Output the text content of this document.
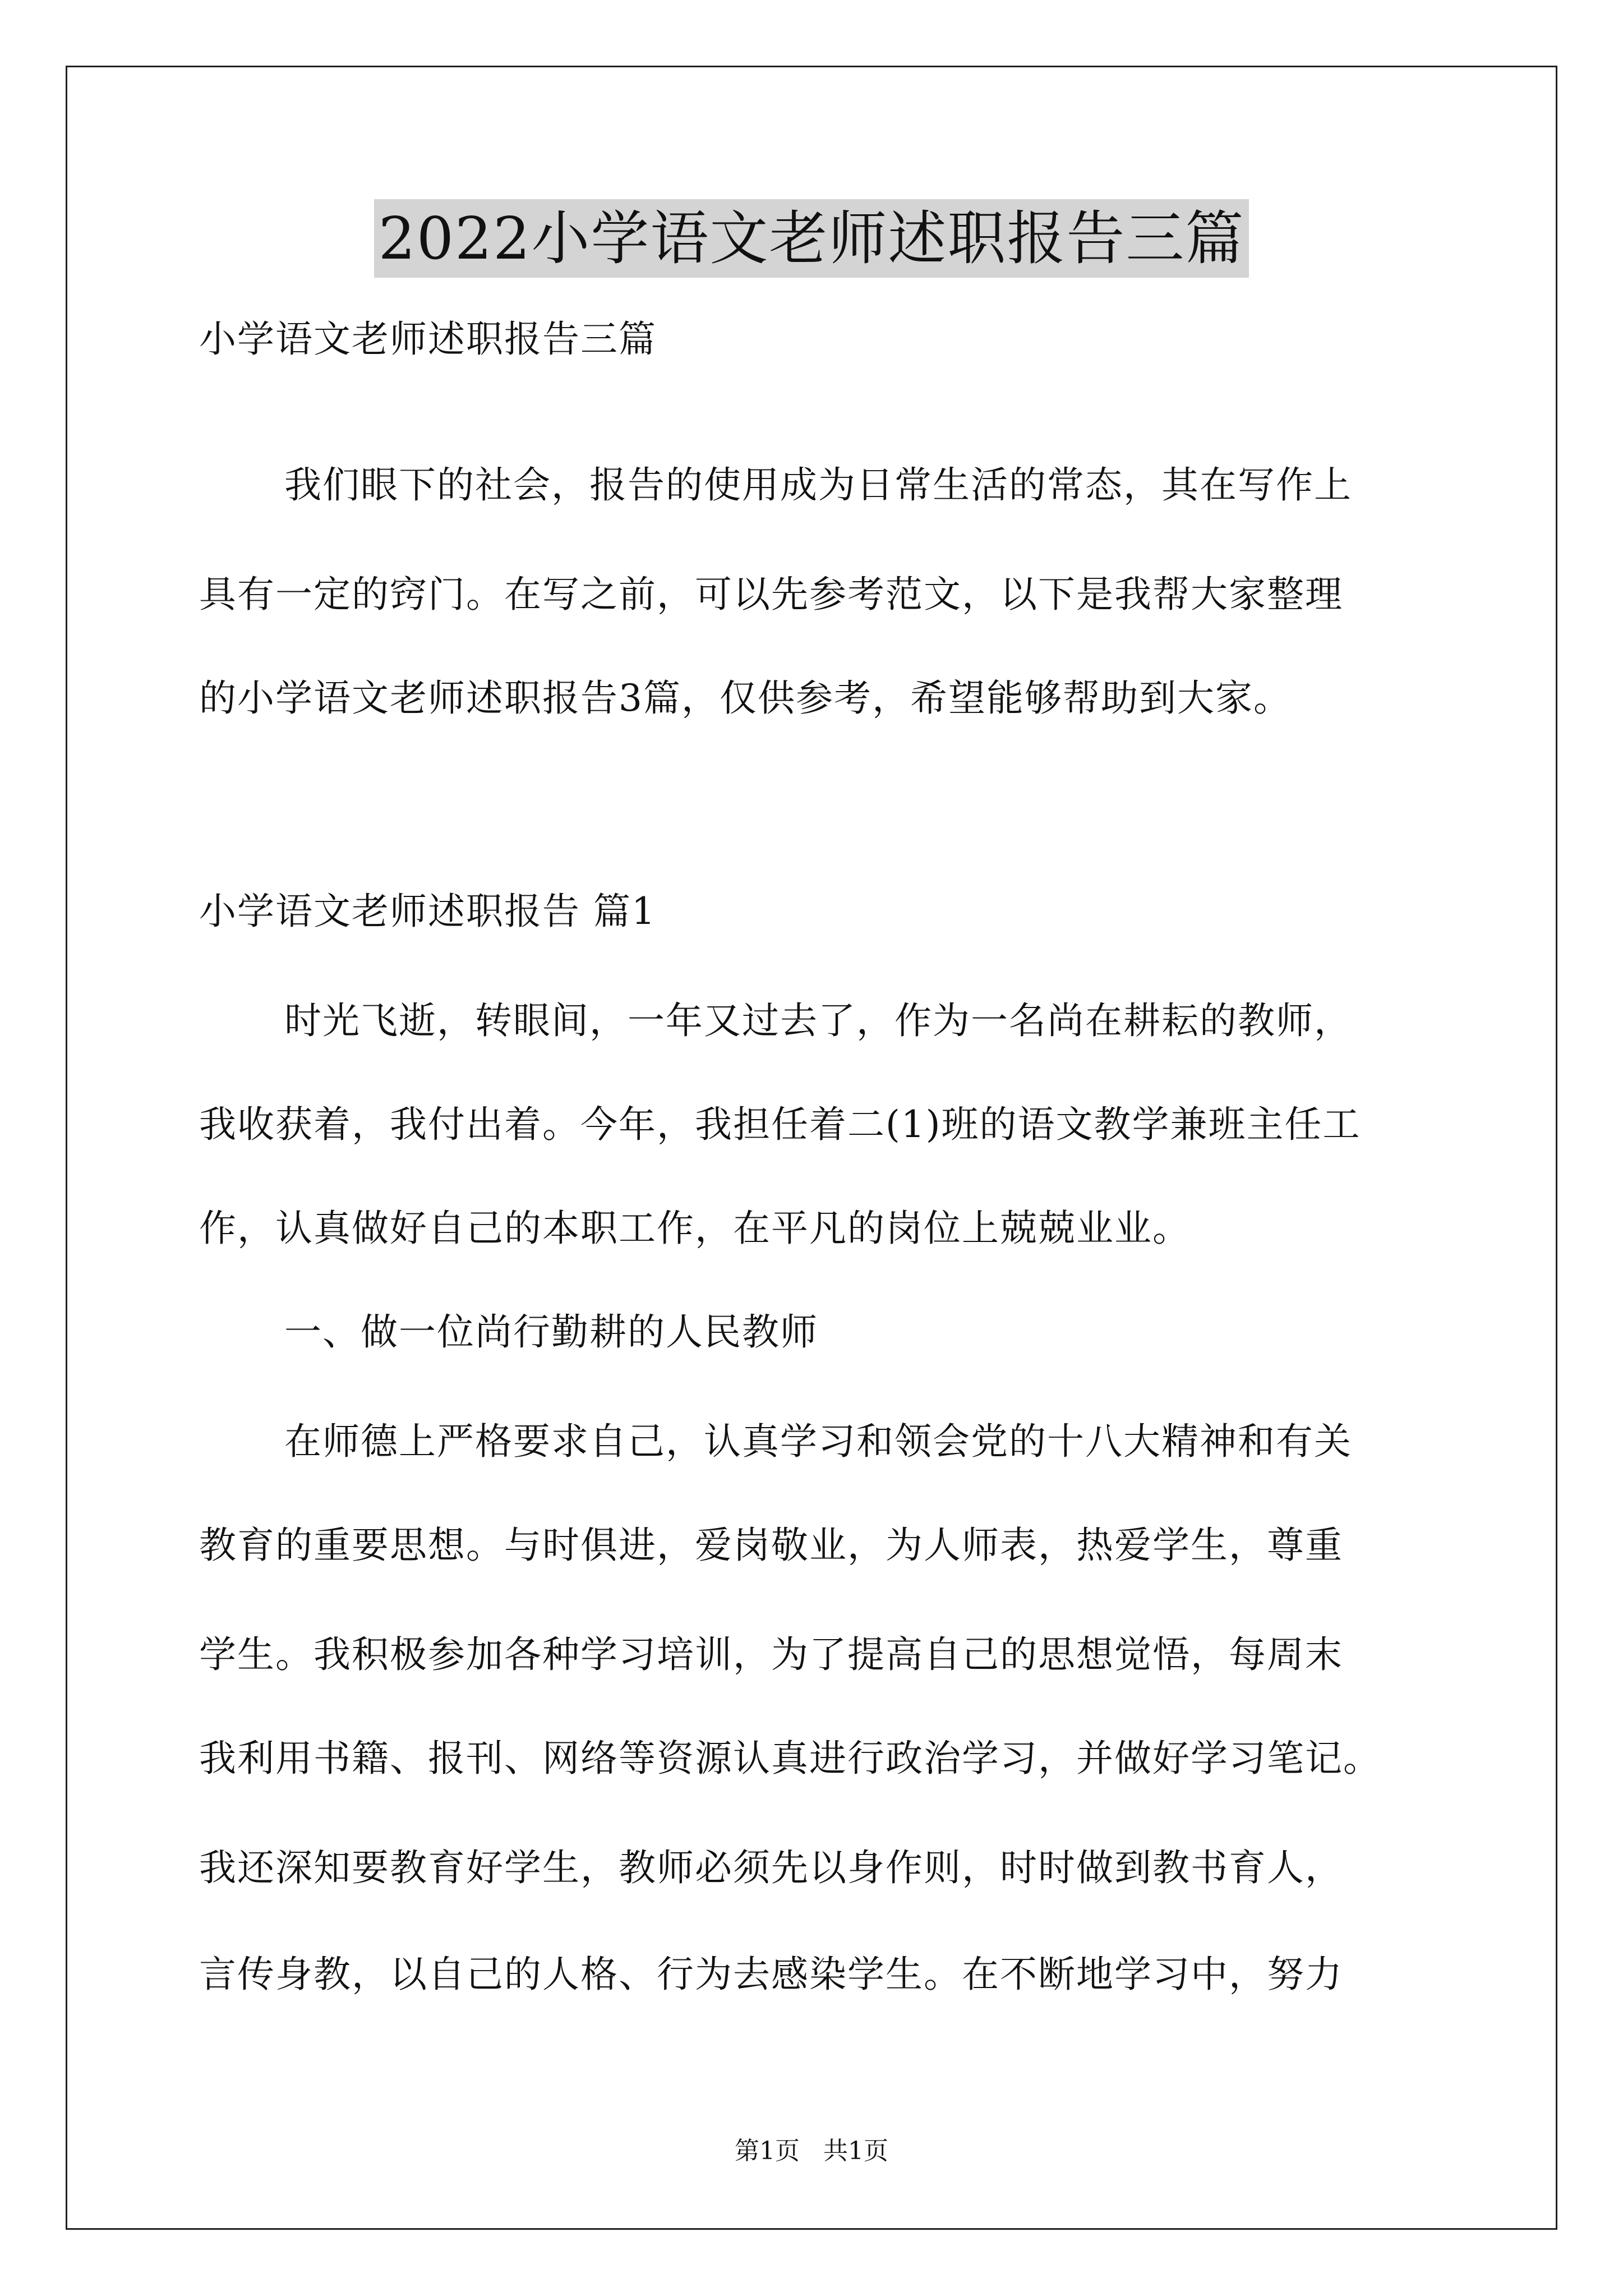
2022小学语文老师述职报告三篇
小学语文老师述职报告三篇
我们眼下的社会，报告的使用成为日常生活的常态，其在写作上
具有一定的窍门。在写之前，可以先参考范文，以下是我帮大家整理
的小学语文老师述职报告3篇，仅供参考，希望能够帮助到大家。
小学语文老师述职报告 篇1
时光飞逝，转眼间，一年又过去了，作为一名尚在耕耘的教师，
我收获着，我付出着。今年，我担任着二(1)班的语文教学兼班主任工
作，认真做好自己的本职工作，在平凡的岗位上兢兢业业。
一、做一位尚行勤耕的人民教师
在师德上严格要求自己，认真学习和领会党的十八大精神和有关
教育的重要思想。与时俱进，爱岗敬业，为人师表，热爱学生，尊重
学生。我积极参加各种学习培训，为了提高自己的思想觉悟，每周末
我利用书籍、报刊、网络等资源认真进行政治学习，并做好学习笔记。
我还深知要教育好学生，教师必须先以身作则，时时做到教书育人，
言传身教，以自己的人格、行为去感染学生。在不断地学习中，努力
第1页   共1页
